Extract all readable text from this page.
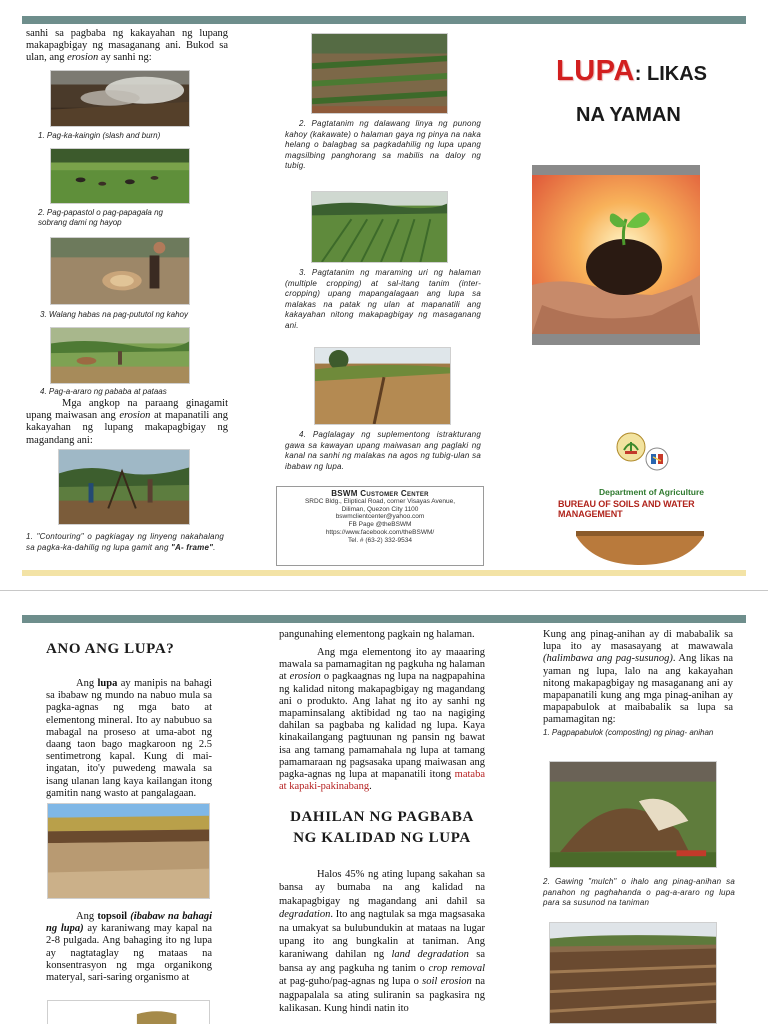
sanhi sa pagbaba ng kakayahan ng lupang makapagbigay ng masaganang ani. Bukod sa ulan, ang erosion ay sanhi ng:
1. Pag-ka-kaingin (slash and burn)
2. Pag-papastol o pag-papagala ng sobrang dami ng hayop
3. Walang habas na pag-pututol ng kahoy
4. Pag-a-araro ng pababa at pataas
Mga angkop na paraang ginagamit upang maiwasan ang erosion at mapanatili ang kakayahan ng lupang makapagbigay ng magandang ani:
1. "Contouring" o pagkiagay ng linyeng nakahalang sa pagka-ka-dahilig ng lupa gamit ang "A- frame".
2. Pagtatanim ng dalawang linya ng punong kahoy (kakawate) o halaman gaya ng pinya na naka helang o balagbag sa pagkadahilig ng lupa upang magsilbing panghorang sa mabilis na daloy ng tubig.
3. Pagtatanim ng maraming uri ng halaman (multiple cropping) at sal-itang tanim (inter-cropping) upang mapangalagaan ang lupa sa malakas na patak ng ulan at mapanatili ang kakayahan nitong makapagbigay ng masaganang ani.
4. Paglalagay ng suplementong istrakturang gawa sa kawayan upang maiwasan ang paglaki ng kanal na sanhi ng malakas na agos ng tubig-ulan sa ibabaw ng lupa.
BSWM Customer Center
SRDC Bldg., Eliptical Road, corner Visayas Avenue,
Diliman, Quezon City 1100
bswmclientcenter@yahoo.com
FB Page @theBSWM
https://www.facebook.com/theBSWM/
Tel. # (63-2) 332-9534
LUPA: LIKAS
NA YAMAN
Department of Agriculture
BUREAU OF SOILS AND WATER MANAGEMENT
ANO ANG LUPA?
Ang lupa ay manipis na bahagi sa ibabaw ng mundo na nabuo mula sa pagka-agnas ng mga bato at elementong mineral. Ito ay nabubuo sa mabagal na proseso at uma-abot ng daang taon bago magkaroon ng 2.5 sentimetrong kapal. Kung di mai-ingatan, ito'y puwedeng mawala sa isang ulanan lang kaya kailangan itong gamitin nang wasto at pangalagaan.
Ang topsoil (ibabaw na bahagi ng lupa) ay karaniwang may kapal na 2-8 pulgada. Ang bahaging ito ng lupa ay nagtataglay ng mataas na konsentrasyon ng mga organikong materyal, sari-saring organismo at
pangunahing elementong pagkain ng halaman.
Ang mga elementong ito ay maaaring mawala sa pamamagitan ng pagkuha ng halaman at erosion o pagkaagnas ng lupa na nagpapahina ng kalidad nitong makapagbigay ng magandang ani o produkto. Ang lahat ng ito ay sanhi ng mapaminsalang aktibidad ng tao na nagiging dahilan sa pagbaba ng kalidad ng lupa. Kaya kinakailangang pagtuunan ng pansin ng bawat isa ang tamang pamamahala ng lupa at tamang pamamaraan ng pagsasaka upang maiwasan ang pagka-agnas ng lupa at mapanatili itong mataba at kapaki-pakinabang.
DAHILAN NG PAGBABA
NG KALIDAD NG LUPA
Halos 45% ng ating lupang sakahan sa bansa ay bumaba na ang kalidad na makapagbigay ng magandang ani dahil sa degradation. Ito ang nagtulak sa mga magsasaka na umakyat sa bulubundukin at mataas na lugar upang ito ang bungkalin at taniman. Ang karaniwang dahilan ng land degradation sa bansa ay ang pagkuha ng tanim o crop removal at pag-guho/pag-agnas ng lupa o soil erosion na nagpapalala sa ating suliranin sa pagkasira ng kalikasan. Kung hindi natin ito
Kung ang pinag-anihan ay di mababalik sa lupa ito ay masasayang at mawawala (halimbawa ang pag-susunog). Ang likas na yaman ng lupa, lalo na ang kakayahan nitong makapagbigay ng masaganang ani ay mapapanatili kung ang mga pinag-anihan ay mapapabulok at maibabalik sa lupa sa pamamagitan ng:
1. Pagpapabulok (composting) ng pinag- anihan
2. Gawing "mulch" o ihalo ang pinag-anihan sa panahon ng paghahanda o pag-a-araro ng lupa para sa susunod na taniman
